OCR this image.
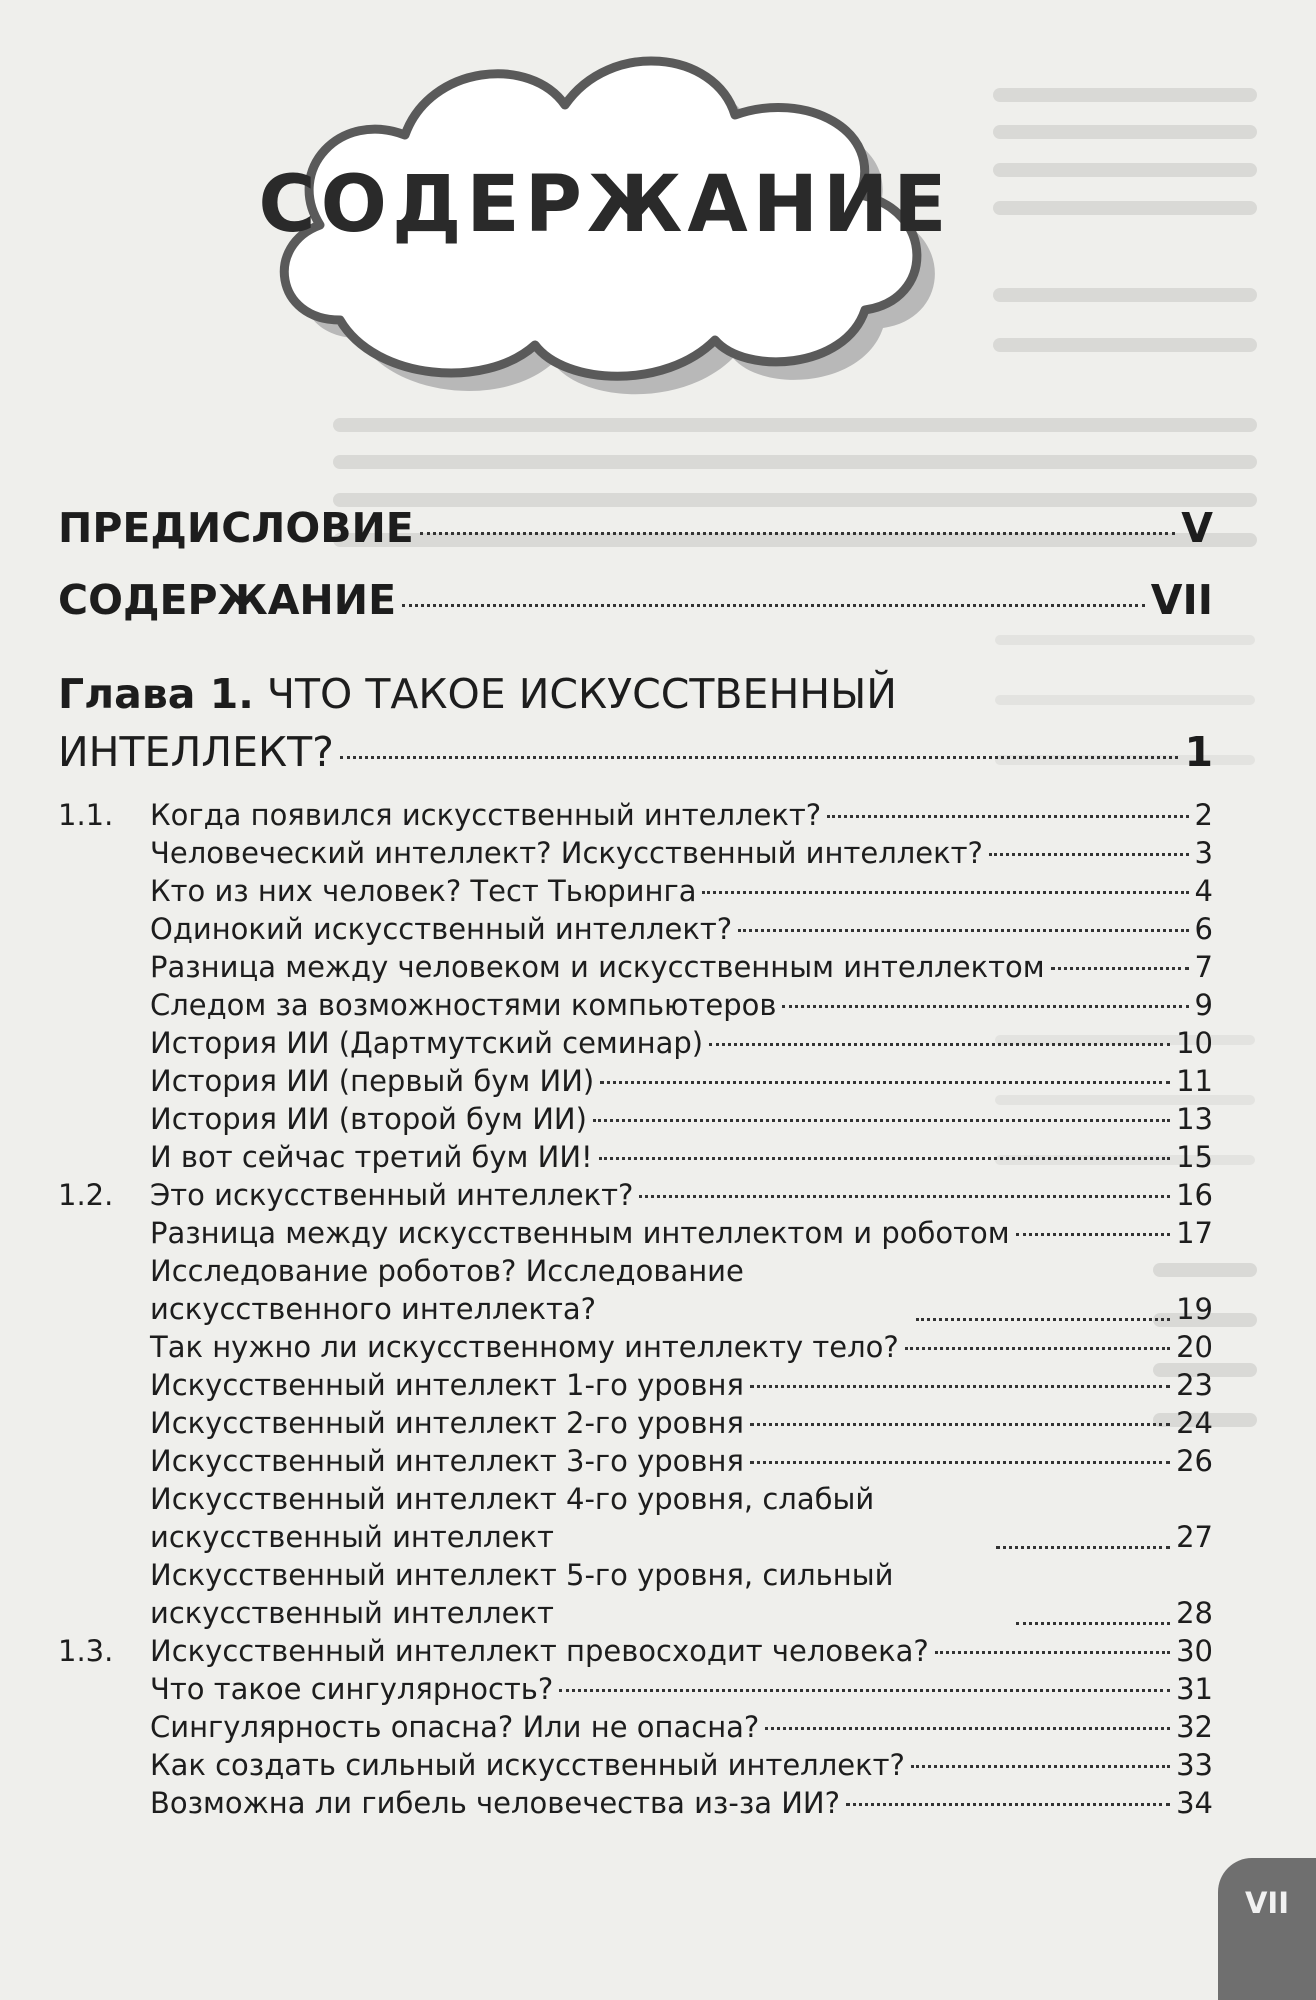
СОДЕРЖАНИЕ
ПРЕДИСЛОВИЕ	V
СОДЕРЖАНИЕ	VII
Глава 1. ЧТО ТАКОЕ ИСКУССТВЕННЫЙ
ИНТЕЛЛЕКТ?	1
1.1. Когда появился искусственный интеллект?	2
Человеческий интеллект? Искусственный интеллект?	3
Кто из них человек? Тест Тьюринга	4
Одинокий искусственный интеллект?	6
Разница между человеком и искусственным интеллектом	7
Следом за возможностями компьютеров	9
История ИИ (Дартмутский семинар)	10
История ИИ (первый бум ИИ)	11
История ИИ (второй бум ИИ)	13
И вот сейчас третий бум ИИ!	15
1.2. Это искусственный интеллект?	16
Разница между искусственным интеллектом и роботом	17
Исследование роботов? Исследование искусственного интеллекта?	19
Так нужно ли искусственному интеллекту тело?	20
Искусственный интеллект 1-го уровня	23
Искусственный интеллект 2-го уровня	24
Искусственный интеллект 3-го уровня	26
Искусственный интеллект 4-го уровня, слабый искусственный интеллект	27
Искусственный интеллект 5-го уровня, сильный искусственный интеллект	28
1.3. Искусственный интеллект превосходит человека?	30
Что такое сингулярность?	31
Сингулярность опасна? Или не опасна?	32
Как создать сильный искусственный интеллект?	33
Возможна ли гибель человечества из-за ИИ?	34
VII
